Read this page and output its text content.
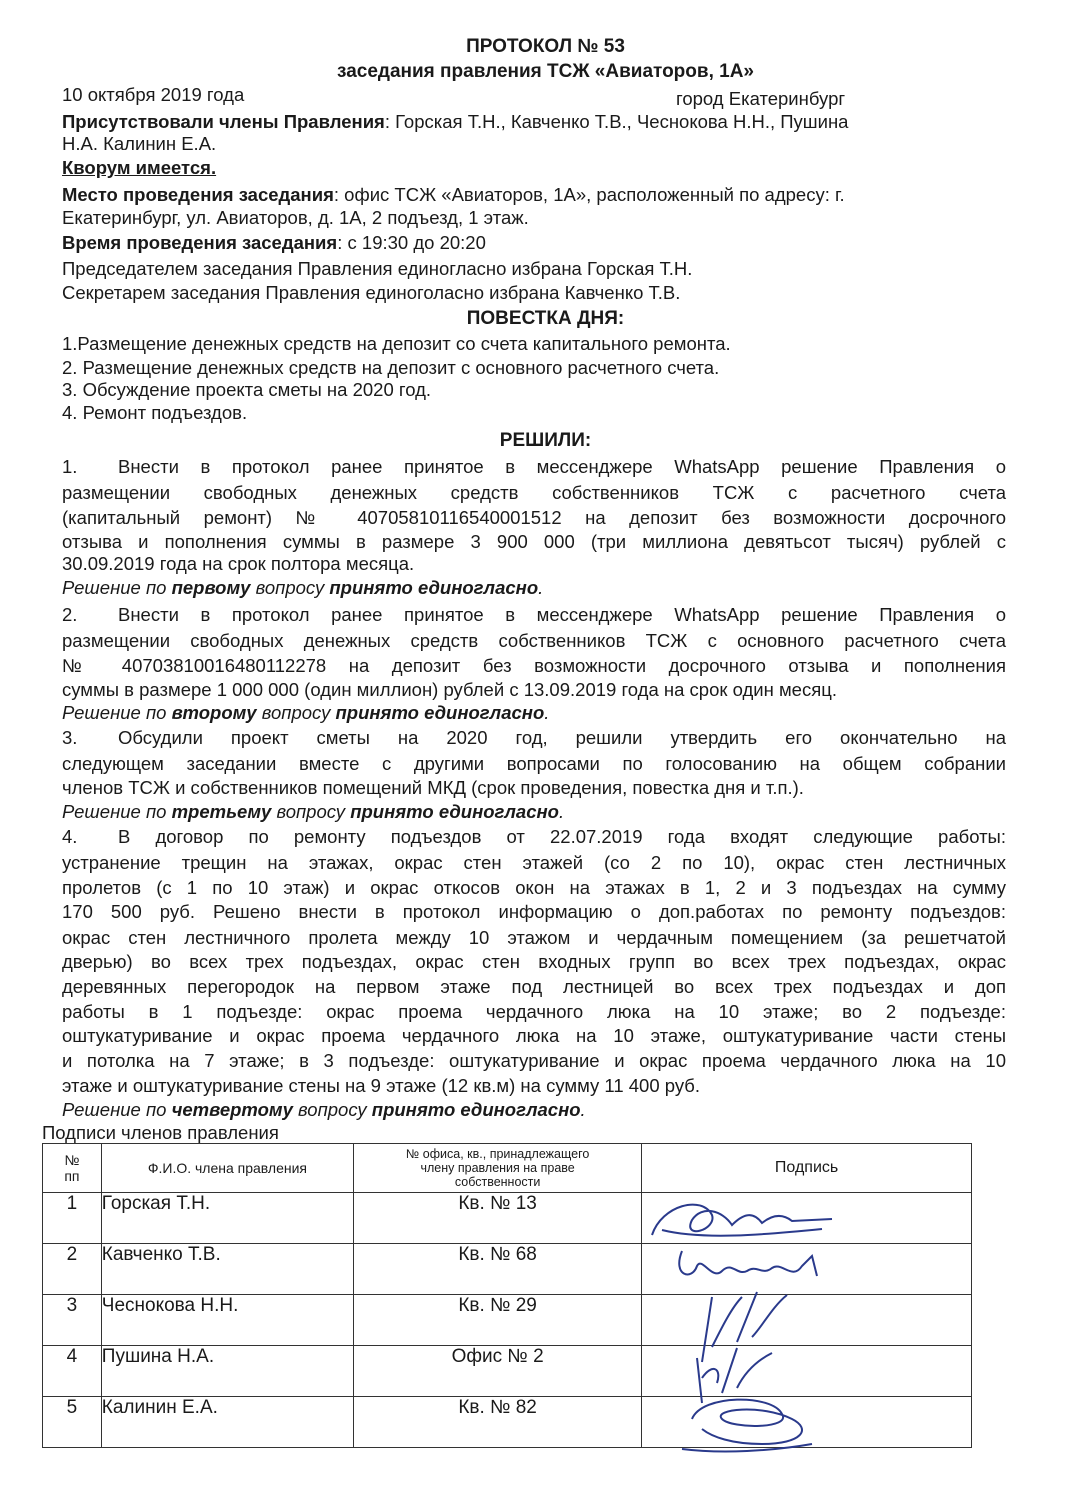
ПРОТОКОЛ № 53
заседания правления ТСЖ «Авиаторов, 1А»
10 октября 2019 года	город Екатеринбург
Присутствовали члены Правления: Горская Т.Н., Кавченко Т.В., Чеснокова Н.Н., Пушина
Н.А. Калинин Е.А.
Кворум имеется.
Место проведения заседания: офис ТСЖ «Авиаторов, 1А», расположенный по адресу: г.
Екатеринбург, ул. Авиаторов, д. 1А, 2 подъезд, 1 этаж.
Время проведения заседания: с 19:30 до 20:20
Председателем заседания Правления единогласно избрана Горская Т.Н.
Секретарем заседания Правления единоголасно избрана Кавченко Т.В.
ПОВЕСТКА ДНЯ:
1.Размещение денежных средств на депозит со счета капитального ремонта.
2. Размещение денежных средств на депозит с основного расчетного счета.
3. Обсуждение проекта сметы на 2020 год.
4. Ремонт подъездов.
РЕШИЛИ:
1. Внести в протокол ранее принятое в мессенджере WhatsApp решение Правления о
размещении свободных денежных средств собственников ТСЖ с расчетного счета
(капитальный ремонт) № 40705810116540001512 на депозит без возможности досрочного
отзыва и пополнения суммы в размере 3 900 000 (три миллиона девятьсот тысяч) рублей с
30.09.2019 года на срок полтора месяца.
Решение по первому вопросу принято единогласно.
2. Внести в протокол ранее принятое в мессенджере WhatsApp решение Правления о
размещении свободных денежных средств собственников ТСЖ с основного расчетного счета
№ 40703810016480112278 на депозит без возможности досрочного отзыва и пополнения
суммы в размере 1 000 000 (один миллион) рублей с 13.09.2019 года на срок один месяц.
Решение по второму вопросу принято единогласно.
3. Обсудили проект сметы на 2020 год, решили утвердить его окончательно на
следующем заседании вместе с другими вопросами по голосованию на общем собрании
членов ТСЖ и собственников помещений МКД (срок проведения, повестка дня и т.п.).
Решение по третьему вопросу принято единогласно.
4. В договор по ремонту подъездов от 22.07.2019 года входят следующие работы:
устранение трещин на этажах, окрас стен этажей (со 2 по 10), окрас стен лестничных
пролетов (с 1 по 10 этаж) и окрас откосов окон на этажах в 1, 2 и 3 подъездах на сумму
170 500 руб. Решено внести в протокол информацию о доп.работах по ремонту подъездов:
окрас стен лестничного пролета между 10 этажом и чердачным помещением (за решетчатой
дверью) во всех трех подъездах, окрас стен входных групп во всех трех подъездах, окрас
деревянных перегородок на первом этаже под лестницей во всех трех подъездах и доп
работы в 1 подъезде: окрас проема чердачного люка на 10 этаже; во 2 подъезде:
оштукатуривание и окрас проема чердачного люка на 10 этаже, оштукатуривание части стены
и потолка на 7 этаже; в 3 подъезде: оштукатуривание и окрас проема чердачного люка на 10
этаже и оштукатуривание стены на 9 этаже (12 кв.м) на сумму 11 400 руб.
Решение по четвертому вопросу принято единогласно.
Подписи членов правления
№
пп	Ф.И.О. члена правления	№ офиса, кв., принадлежащего
члену правления на праве
собственности	Подпись
1	Горская Т.Н.	Кв. № 13	

2	Кавченко Т.В.	Кв. № 68	

3	Чеснокова Н.Н.	Кв. № 29	

4	Пушина Н.А.	Офис № 2	

5	Калинин Е.А.	Кв. № 82	
